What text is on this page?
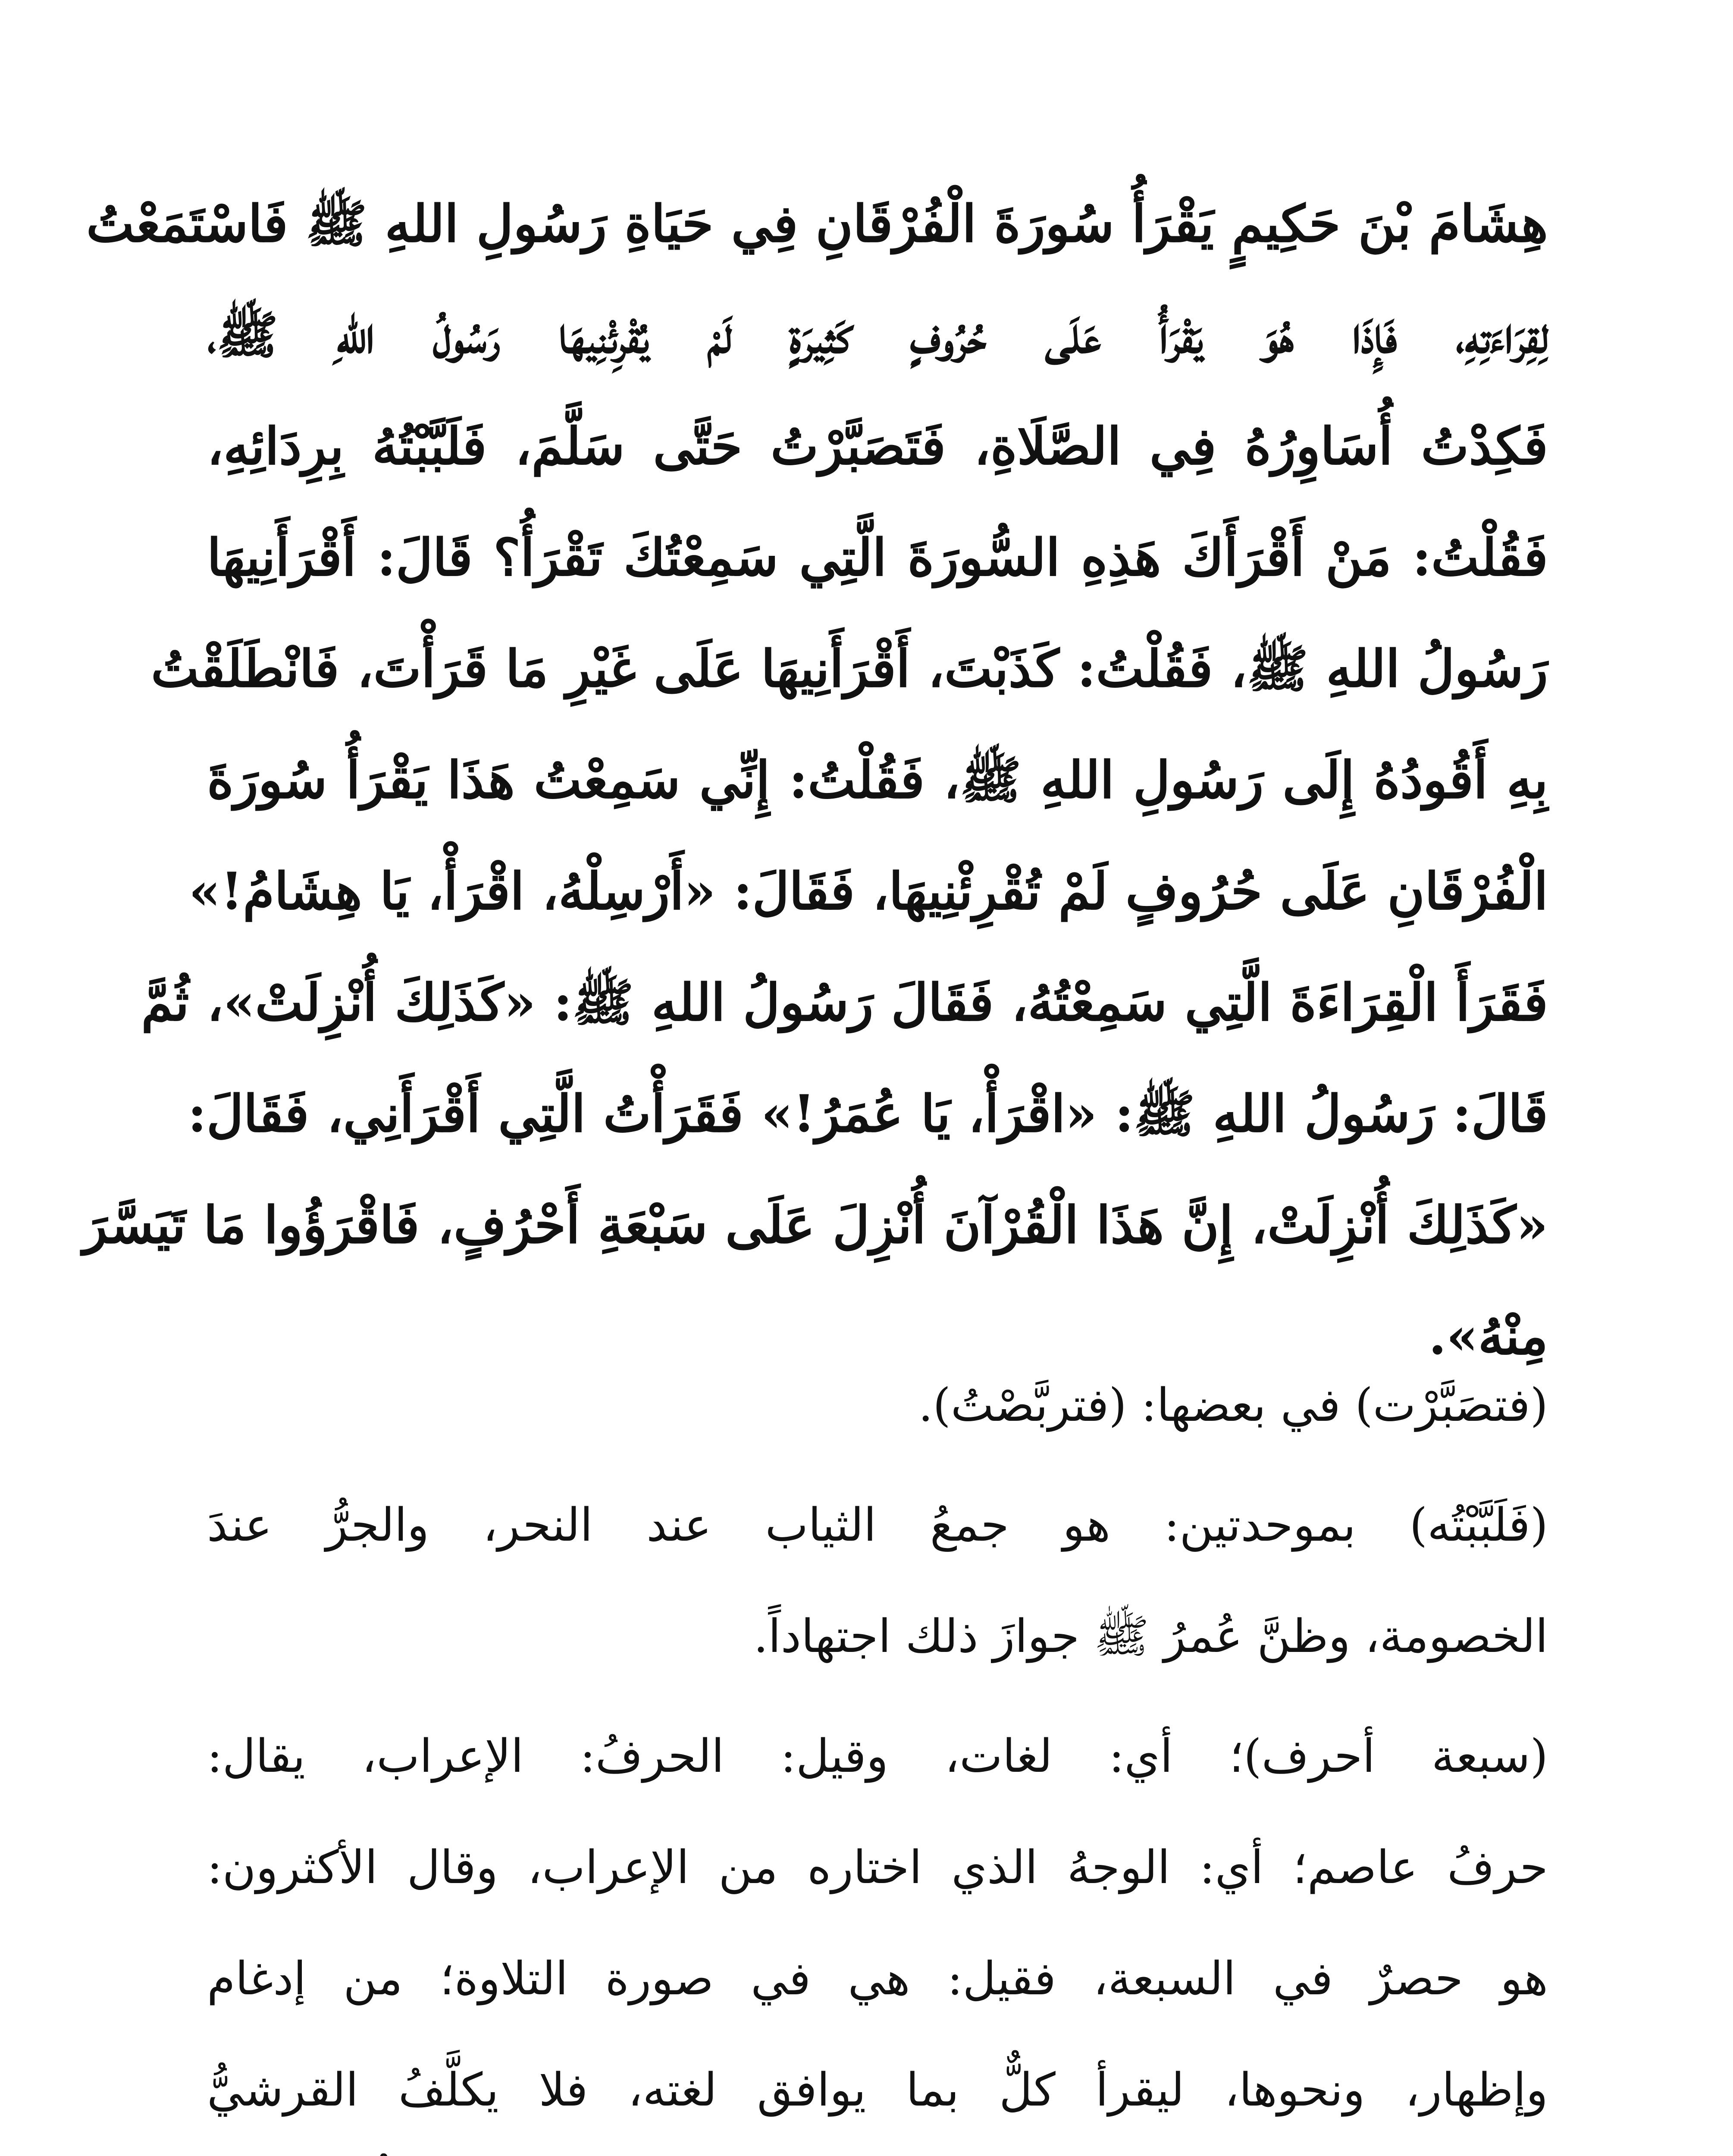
هِشَامَ بْنَ حَكِيمٍ يَقْرَأُ سُورَةَ الْفُرْقَانِ فِي حَيَاةِ رَسُولِ اللهِ ﷺ فَاسْتَمَعْتُ
لِقِرَاءَتِهِ، فَإِذَا هُوَ يَقْرَأُ عَلَى حُرُوفٍ كَثِيرَةٍ لَمْ يُقْرِئْنِيهَا رَسُولُ اللهِ ﷺ،
فَكِدْتُ أُسَاوِرُهُ فِي الصَّلَاةِ، فَتَصَبَّرْتُ حَتَّى سَلَّمَ، فَلَبَّبْتُهُ بِرِدَائِهِ،
فَقُلْتُ: مَنْ أَقْرَأَكَ هَذِهِ السُّورَةَ الَّتِي سَمِعْتُكَ تَقْرَأُ؟ قَالَ: أَقْرَأَنِيهَا
رَسُولُ اللهِ ﷺ، فَقُلْتُ: كَذَبْتَ، أَقْرَأَنِيهَا عَلَى غَيْرِ مَا قَرَأْتَ، فَانْطَلَقْتُ
بِهِ أَقُودُهُ إِلَى رَسُولِ اللهِ ﷺ، فَقُلْتُ: إِنِّي سَمِعْتُ هَذَا يَقْرَأُ سُورَةَ
الْفُرْقَانِ عَلَى حُرُوفٍ لَمْ تُقْرِئْنِيهَا، فَقَالَ: «أَرْسِلْهُ، اقْرَأْ، يَا هِشَامُ!»
فَقَرَأَ الْقِرَاءَةَ الَّتِي سَمِعْتُهُ، فَقَالَ رَسُولُ اللهِ ﷺ: «كَذَلِكَ أُنْزِلَتْ»، ثُمَّ
قَالَ: رَسُولُ اللهِ ﷺ: «اقْرَأْ، يَا عُمَرُ!» فَقَرَأْتُ الَّتِي أَقْرَأَنِي، فَقَالَ:
«كَذَلِكَ أُنْزِلَتْ، إِنَّ هَذَا الْقُرْآنَ أُنْزِلَ عَلَى سَبْعَةِ أَحْرُفٍ، فَاقْرَؤُوا مَا تَيَسَّرَ
مِنْهُ».
(فتصَبَّرْت) في بعضها: (فتربَّصْتُ).
(فَلَبَّبْتُه) بموحدتين: هو جمعُ الثياب عند النحر، والجرُّ عندَ
الخصومة، وظنَّ عُمرُ ﷺ جوازَ ذلك اجتهاداً.
(سبعة أحرف)؛ أي: لغات، وقيل: الحرفُ: الإعراب، يقال:
حرفُ عاصم؛ أي: الوجهُ الذي اختاره من الإعراب، وقال الأكثرون:
هو حصرٌ في السبعة، فقيل: هي في صورة التلاوة؛ من إدغام
وإظهار، ونحوها، ليقرأ كلٌّ بما يوافق لغته، فلا يكلَّفُ القرشيُّ
